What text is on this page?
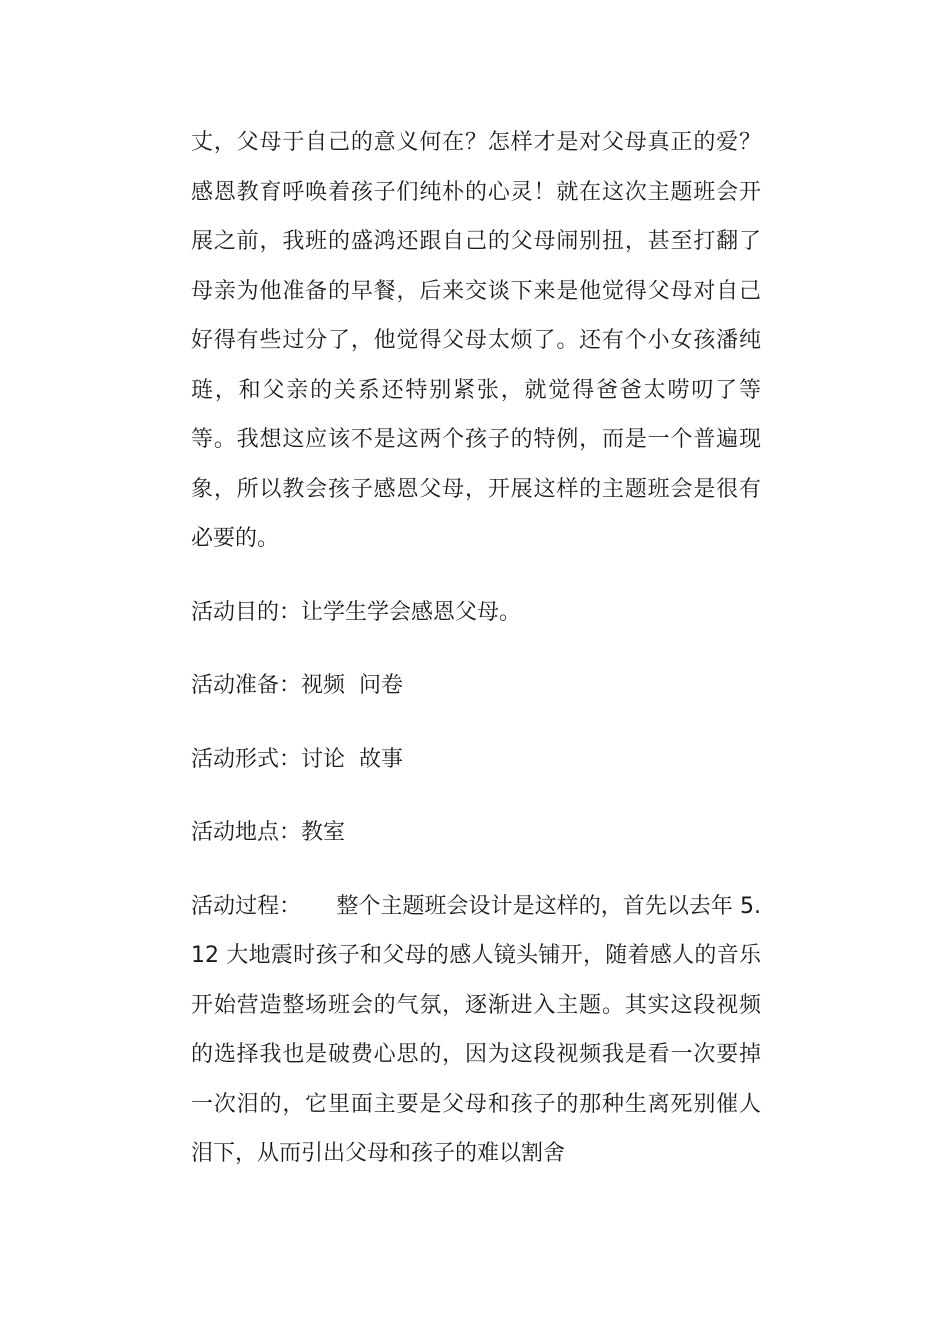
丈，父母于自己的意义何在？怎样才是对父母真正的爱？感恩教育呼唤着孩子们纯朴的心灵！就在这次主题班会开展之前，我班的盛鸿还跟自己的父母闹别扭，甚至打翻了母亲为他准备的早餐，后来交谈下来是他觉得父母对自己好得有些过分了，他觉得父母太烦了。还有个小女孩潘纯琏，和父亲的关系还特别紧张，就觉得爸爸太唠叨了等等。我想这应该不是这两个孩子的特例，而是一个普遍现象，所以教会孩子感恩父母，开展这样的主题班会是很有必要的。

活动目的：让学生学会感恩父母。

活动准备：视频  问卷

活动形式：讨论  故事

活动地点：教室

活动过程：     整个主题班会设计是这样的，首先以去年 5.12 大地震时孩子和父母的感人镜头铺开，随着感人的音乐开始营造整场班会的气氛，逐渐进入主题。其实这段视频的选择我也是破费心思的，因为这段视频我是看一次要掉一次泪的，它里面主要是父母和孩子的那种生离死别催人泪下，从而引出父母和孩子的难以割舍
